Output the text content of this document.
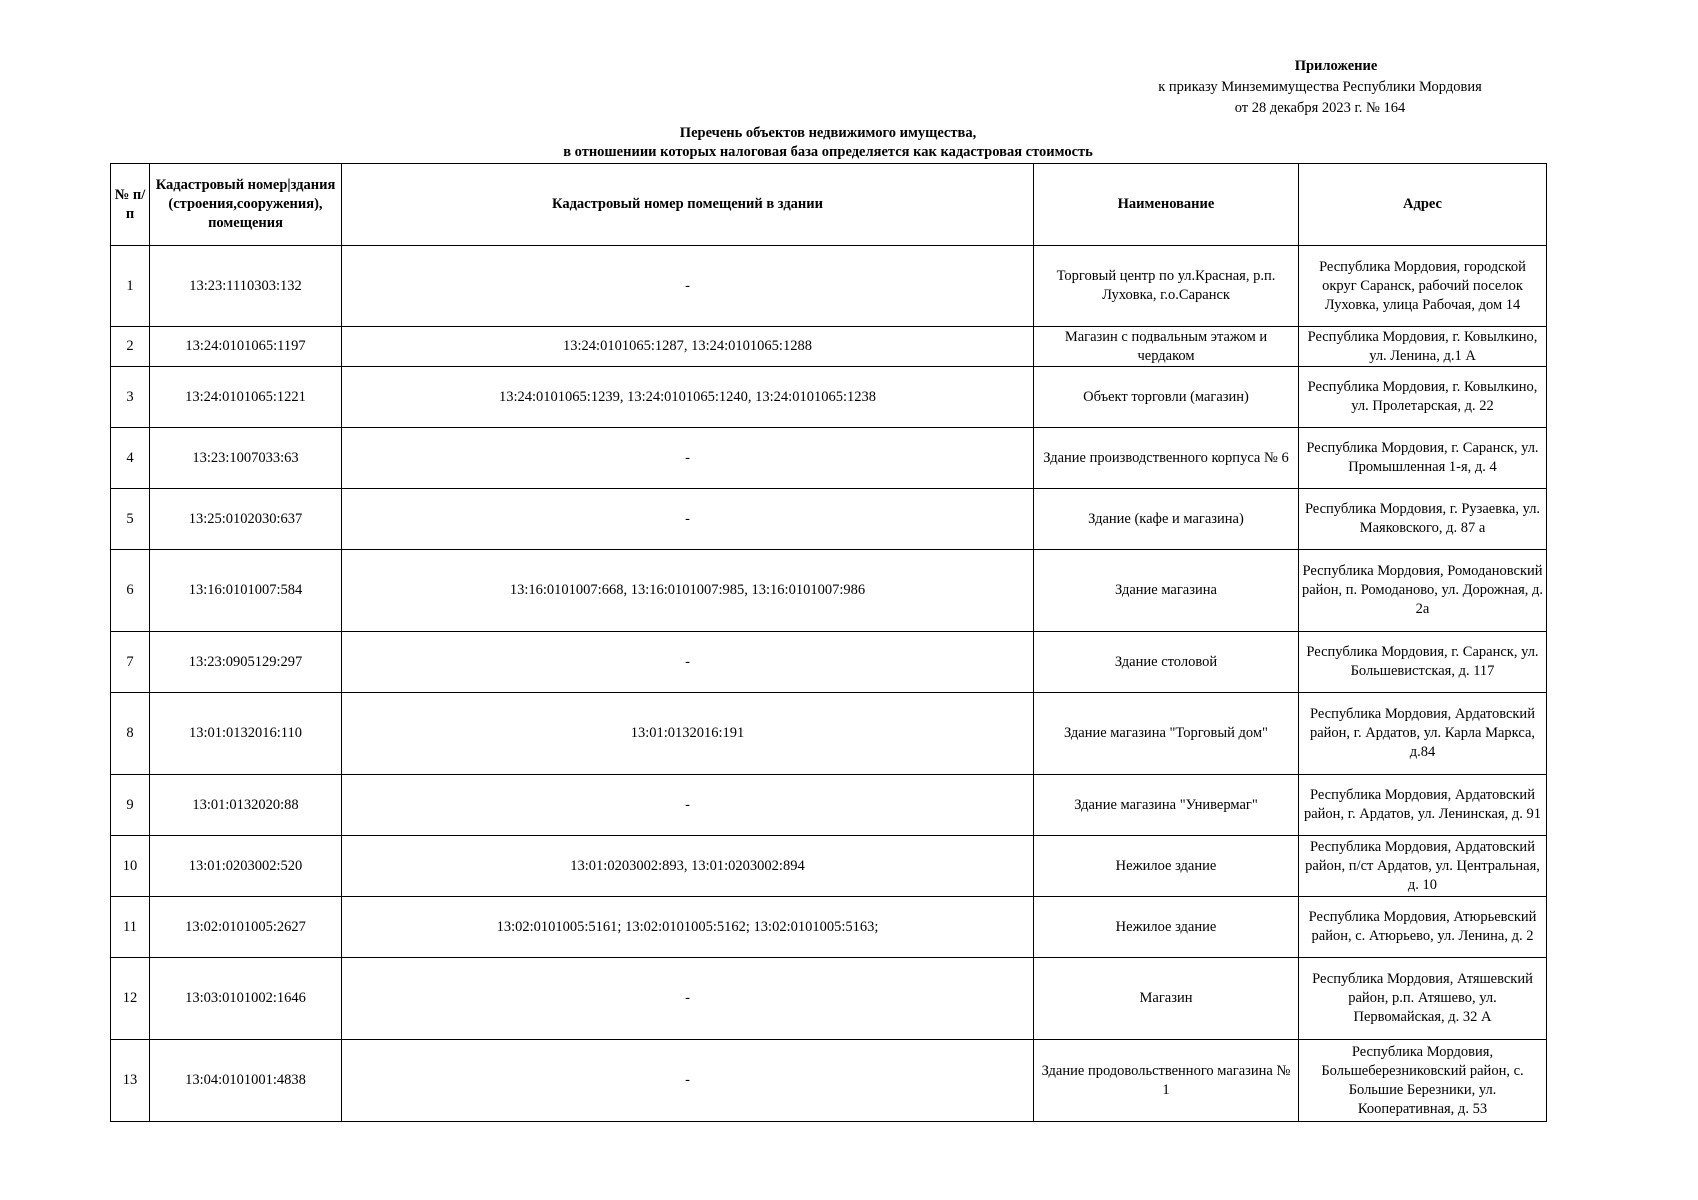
Приложение
к приказу Минземимущества Республики Мордовия
от 28 декабря 2023 г. № 164
Перечень объектов недвижимого имущества,
в отношениии которых налоговая база определяется как кадастровая стоимость
№ п/п	Кадастровый номер|здания (строения,сооружения), помещения	Кадастровый номер помещений в здании	Наименование	Адрес
1	13:23:1110303:132	-	Торговый центр по ул.Красная, р.п. Луховка, г.о.Саранск	Республика Мордовия, городской округ Саранск, рабочий поселок Луховка, улица Рабочая, дом 14
2	13:24:0101065:1197	13:24:0101065:1287, 13:24:0101065:1288	Магазин с подвальным этажом и чердаком	Республика Мордовия, г. Ковылкино, ул. Ленина, д.1 А
3	13:24:0101065:1221	13:24:0101065:1239, 13:24:0101065:1240, 13:24:0101065:1238	Объект торговли (магазин)	Республика Мордовия, г. Ковылкино, ул. Пролетарская, д. 22
4	13:23:1007033:63	-	Здание производственного корпуса № 6	Республика Мордовия, г. Саранск, ул. Промышленная 1-я, д. 4
5	13:25:0102030:637	-	Здание (кафе и магазина)	Республика Мордовия, г. Рузаевка, ул. Маяковского, д. 87 а
6	13:16:0101007:584	13:16:0101007:668, 13:16:0101007:985, 13:16:0101007:986	Здание магазина	Республика Мордовия, Ромодановский район, п. Ромоданово, ул. Дорожная, д. 2а
7	13:23:0905129:297	-	Здание столовой	Республика Мордовия, г. Саранск, ул. Большевистская, д. 117
8	13:01:0132016:110	13:01:0132016:191	Здание магазина "Торговый дом"	Республика Мордовия, Ардатовский район, г. Ардатов, ул. Карла Маркса, д.84
9	13:01:0132020:88	-	Здание магазина "Универмаг"	Республика Мордовия, Ардатовский район, г. Ардатов, ул. Ленинская, д. 91
10	13:01:0203002:520	13:01:0203002:893, 13:01:0203002:894	Нежилое здание	Республика Мордовия, Ардатовский район, п/ст Ардатов, ул. Центральная, д. 10
11	13:02:0101005:2627	13:02:0101005:5161; 13:02:0101005:5162; 13:02:0101005:5163;	Нежилое здание	Республика Мордовия, Атюрьевский район, с. Атюрьево, ул. Ленина, д. 2
12	13:03:0101002:1646	-	Магазин	Республика Мордовия, Атяшевский район, р.п. Атяшево, ул. Первомайская, д. 32 А
13	13:04:0101001:4838	-	Здание продовольственного магазина № 1	Республика Мордовия, Большеберезниковский район, с. Большие Березники, ул. Кооперативная, д. 53
